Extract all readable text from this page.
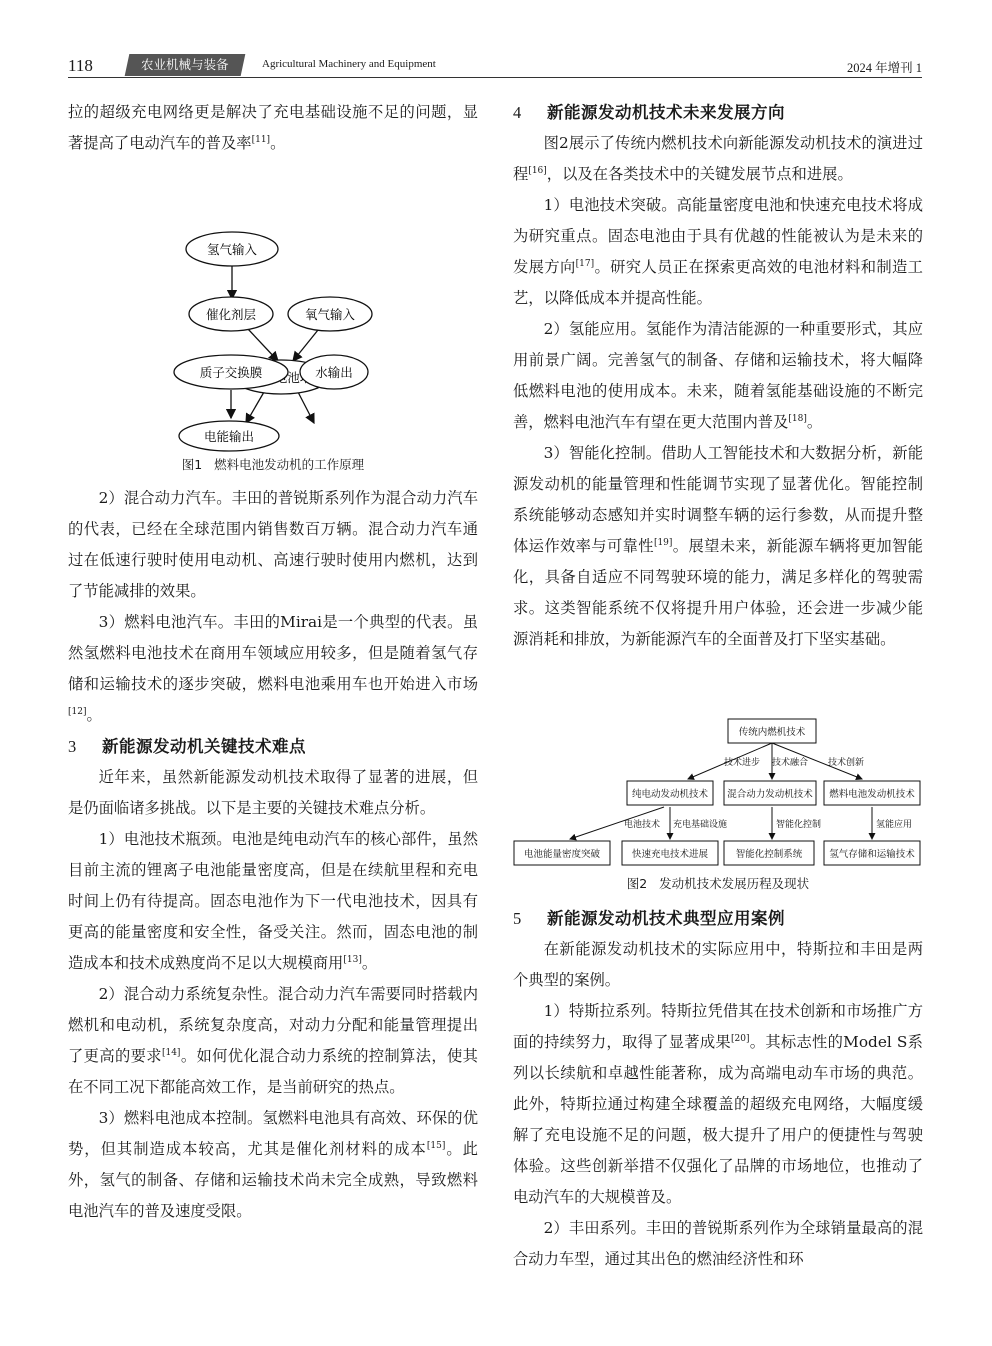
118	农业机械与装备	Agricultural Machinery and Equipment	2024 年增刊 1

拉的超级充电网络更是解决了充电基础设施不足的问题，显著提高了电动汽车的普及率[11]。

氢气输入
催化剂层	氧气输入
质子交换膜	水输出
电能输出
图1 燃料电池发动机的工作原理

2）混合动力汽车。丰田的普锐斯系列作为混合动力汽车的代表，已经在全球范围内销售数百万辆。混合动力汽车通过在低速行驶时使用电动机、高速行驶时使用内燃机，达到了节能减排的效果。

3）燃料电池汽车。丰田的Mirai是一个典型的代表。虽然氢燃料电池技术在商用车领域应用较多，但是随着氢气存储和运输技术的逐步突破，燃料电池乘用车也开始进入市场[12]。

3 新能源发动机关键技术难点

近年来，虽然新能源发动机技术取得了显著的进展，但是仍面临诸多挑战。以下是主要的关键技术难点分析。

1）电池技术瓶颈。电池是纯电动汽车的核心部件，虽然目前主流的锂离子电池能量密度高，但是在续航里程和充电时间上仍有待提高。固态电池作为下一代电池技术，因具有更高的能量密度和安全性，备受关注。然而，固态电池的制造成本和技术成熟度尚不足以大规模商用[13]。

2）混合动力系统复杂性。混合动力汽车需要同时搭载内燃机和电动机，系统复杂度高，对动力分配和能量管理提出了更高的要求[14]。如何优化混合动力系统的控制算法，使其在不同工况下都能高效工作，是当前研究的热点。

3）燃料电池成本控制。氢燃料电池具有高效、环保的优势，但其制造成本较高，尤其是催化剂材料的成本[15]。此外，氢气的制备、存储和运输技术尚未完全成熟，导致燃料电池汽车的普及速度受限。

4 新能源发动机技术未来发展方向

图2展示了传统内燃机技术向新能源发动机技术的演进过程[16]，以及在各类技术中的关键发展节点和进展。

1）电池技术突破。高能量密度电池和快速充电技术将成为研究重点。固态电池由于具有优越的性能被认为是未来的发展方向[17]。研究人员正在探索更高效的电池材料和制造工艺，以降低成本并提高性能。

2）氢能应用。氢能作为清洁能源的一种重要形式，其应用前景广阔。完善氢气的制备、存储和运输技术，将大幅降低燃料电池的使用成本。未来，随着氢能基础设施的不断完善，燃料电池汽车有望在更大范围内普及[18]。

3）智能化控制。借助人工智能技术和大数据分析，新能源发动机的能量管理和性能调节实现了显著优化。智能控制系统能够动态感知并实时调整车辆的运行参数，从而提升整体运作效率与可靠性[19]。展望未来，新能源车辆将更加智能化，具备自适应不同驾驶环境的能力，满足多样化的驾驶需求。这类智能系统不仅将提升用户体验，还会进一步减少能源消耗和排放，为新能源汽车的全面普及打下坚实基础。

传统内燃机技术
纯电动发动机技术 混合动力发动机技术 燃料电池发动机技术
电池能量密度突破	快速充电技术进展	智能化控制系统	氢气存储和运输技术
技术进步 技术融合 技术创新
电池技术 充电基础设施	智能化控制	氢能应用
图2 发动机技术发展历程及现状
5 新能源发动机技术典型应用案例

在新能源发动机技术的实际应用中，特斯拉和丰田是两个典型的案例。

1）特斯拉系列。特斯拉凭借其在技术创新和市场推广方面的持续努力，取得了显著成果[20]。其标志性的Model S系列以长续航和卓越性能著称，成为高端电动车市场的典范。此外，特斯拉通过构建全球覆盖的超级充电网络，大幅度缓解了充电设施不足的问题，极大提升了用户的便捷性与驾驶体验。这些创新举措不仅强化了品牌的市场地位，也推动了电动汽车的大规模普及。

2）丰田系列。丰田的普锐斯系列作为全球销量最高的混合动力车型，通过其出色的燃油经济性和环
